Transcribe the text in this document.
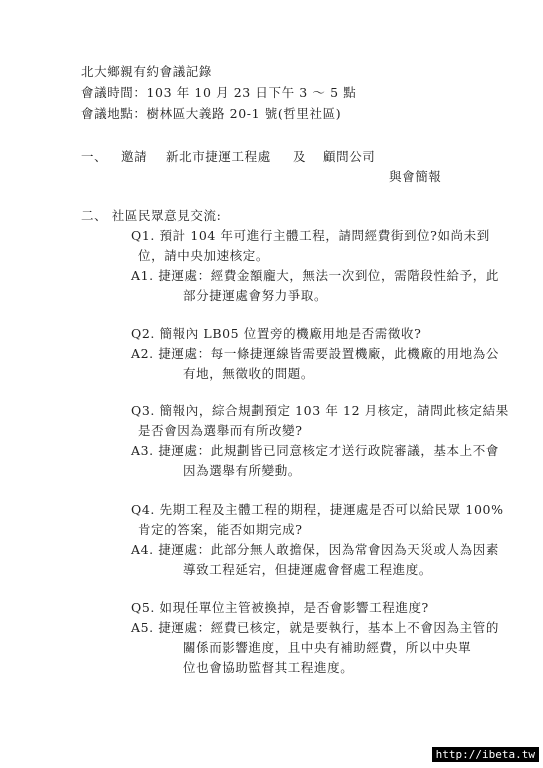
北大鄉親有約會議記錄
會議時間：103 年 10 月 23 日下午 3 ～ 5 點
會議地點：樹林區大義路 20-1 號(哲里社區)
一、 邀請 新北市捷運工程處 及 顧問公司
與會簡報
二、 社區民眾意見交流:
Q1. 預計 104 年可進行主體工程，請問經費街到位?如尚未到
位，請中央加速核定。
A1. 捷運處：經費金額龐大，無法一次到位，需階段性給予，此
部分捷運處會努力爭取。
Q2. 簡報內 LB05 位置旁的機廠用地是否需徵收?
A2. 捷運處：每一條捷運線皆需要設置機廠，此機廠的用地為公
有地，無徵收的問題。
Q3. 簡報內，綜合規劃預定 103 年 12 月核定，請問此核定結果
是否會因為選舉而有所改變?
A3. 捷運處：此規劃皆已同意核定才送行政院審議，基本上不會
因為選舉有所變動。
Q4. 先期工程及主體工程的期程，捷運處是否可以給民眾 100%
肯定的答案，能否如期完成?
A4. 捷運處：此部分無人敢擔保，因為常會因為天災或人為因素
導致工程延宕，但捷運處會督處工程進度。
Q5. 如現任單位主管被換掉，是否會影響工程進度?
A5. 捷運處：經費已核定，就是要執行，基本上不會因為主管的
關係而影響進度，且中央有補助經費，所以中央單
位也會協助監督其工程進度。
http://ibeta.tw
